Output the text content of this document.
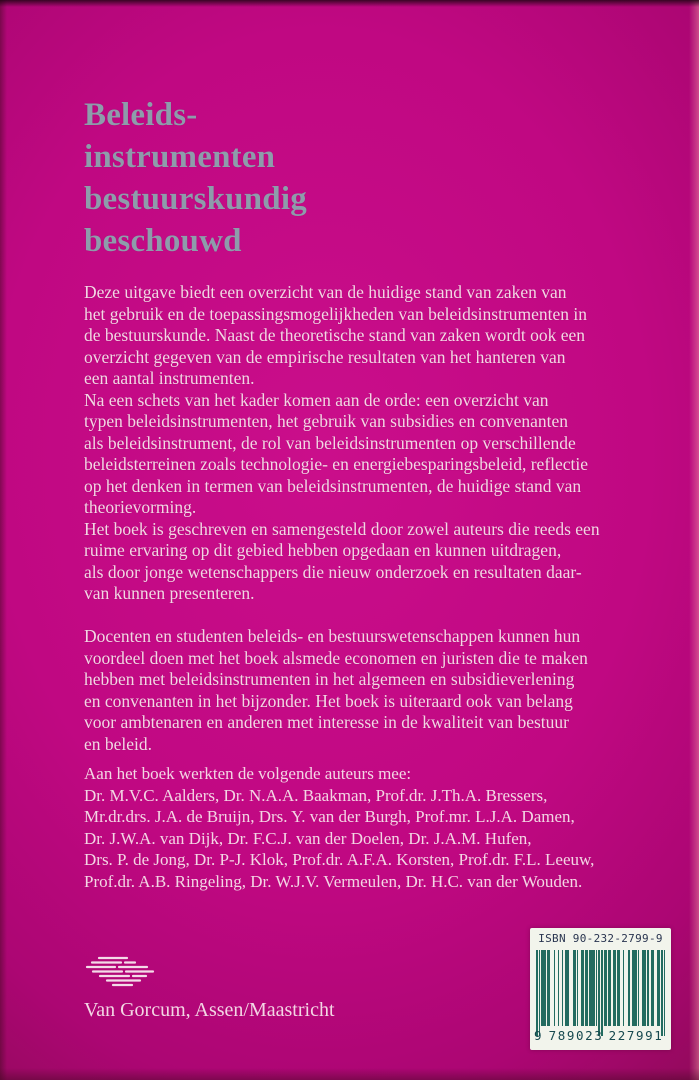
Beleids-
instrumenten
bestuurskundig
beschouwd
Deze uitgave biedt een overzicht van de huidige stand van zaken van
het gebruik en de toepassingsmogelijkheden van beleidsinstrumenten in
de bestuurskunde. Naast de theoretische stand van zaken wordt ook een
overzicht gegeven van de empirische resultaten van het hanteren van
een aantal instrumenten.
Na een schets van het kader komen aan de orde: een overzicht van
typen beleidsinstrumenten, het gebruik van subsidies en convenanten
als beleidsinstrument, de rol van beleidsinstrumenten op verschillende
beleidsterreinen zoals technologie- en energiebesparingsbeleid, reflectie
op het denken in termen van beleidsinstrumenten, de huidige stand van
theorievorming.
Het boek is geschreven en samengesteld door zowel auteurs die reeds een
ruime ervaring op dit gebied hebben opgedaan en kunnen uitdragen,
als door jonge wetenschappers die nieuw onderzoek en resultaten daar-
van kunnen presenteren.
Docenten en studenten beleids- en bestuurswetenschappen kunnen hun
voordeel doen met het boek alsmede economen en juristen die te maken
hebben met beleidsinstrumenten in het algemeen en subsidieverlening
en convenanten in het bijzonder. Het boek is uiteraard ook van belang
voor ambtenaren en anderen met interesse in de kwaliteit van bestuur
en beleid.
Aan het boek werkten de volgende auteurs mee:
Dr. M.V.C. Aalders, Dr. N.A.A. Baakman, Prof.dr. J.Th.A. Bressers,
Mr.dr.drs. J.A. de Bruijn, Drs. Y. van der Burgh, Prof.mr. L.J.A. Damen,
Dr. J.W.A. van Dijk, Dr. F.C.J. van der Doelen, Dr. J.A.M. Hufen,
Drs. P. de Jong, Dr. P-J. Klok, Prof.dr. A.F.A. Korsten, Prof.dr. F.L. Leeuw,
Prof.dr. A.B. Ringeling, Dr. W.J.V. Vermeulen, Dr. H.C. van der Wouden.
Van Gorcum, Assen/Maastricht
ISBN 90-232-2799-9
9 789023 227991
